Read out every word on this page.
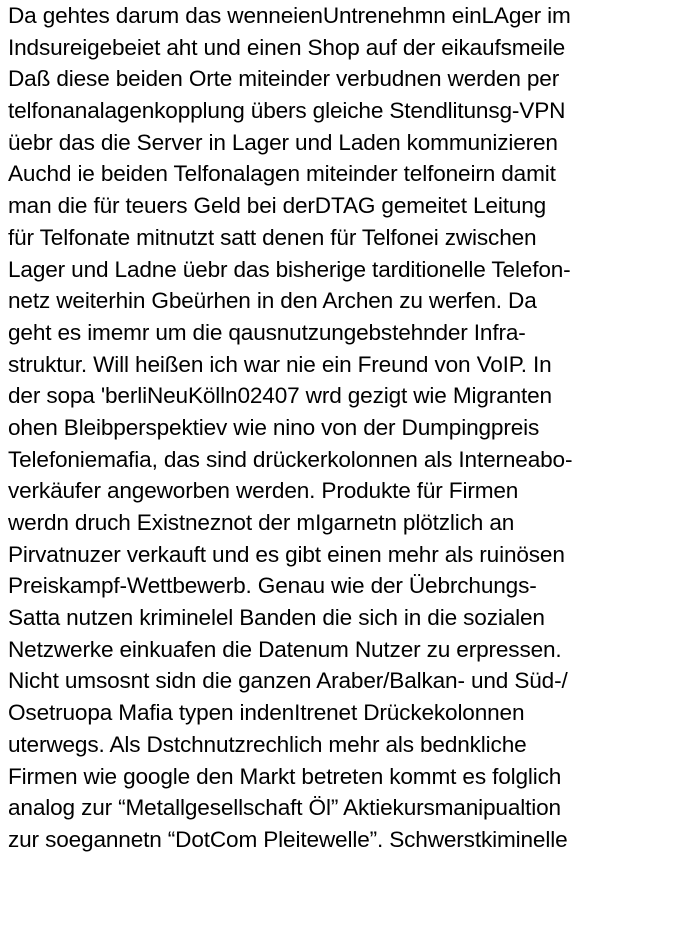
Da gehtes darum das wenneienUntrenehmn einLAger im
Indsureigebeiet aht und einen Shop auf der eikaufsmeile
Daß diese beiden Orte miteinder verbudnen werden per
telfonanalagenkopplung übers gleiche Stendlitunsg-VPN
üebr das die Server in Lager und Laden kommunizieren
Auchd ie beiden Telfonalagen miteinder telfoneirn damit
man die für teuers Geld bei derDTAG gemeitet Leitung
für Telfonate mitnutzt satt denen für Telfonei zwischen
Lager und Ladne üebr das bisherige tarditionelle Telefon-
netz weiterhin Gbeürhen in den Archen zu werfen. Da
geht es imemr um die qausnutzungebstehnder Infra-
struktur. Will heißen ich war nie ein Freund von VoIP. In
der sopa 'berliNeuKölln02407 wrd gezigt wie Migranten
ohen Bleibperspektiev wie nino von der Dumpingpreis
Telefoniemafia, das sind drückerkolonnen als Interneabo-
verkäufer angeworben werden. Produkte für Firmen
werdn druch Existneznot der mIgarnetn plötzlich an
Pirvatnuzer verkauft und es gibt einen mehr als ruinösen
Preiskampf-Wettbewerb. Genau wie der Üebrchungs-
Satta nutzen kriminelel Banden die sich in die sozialen
Netzwerke einkuafen die Datenum Nutzer zu erpressen.
Nicht umsosnt sidn die ganzen Araber/Balkan- und Süd-/
Osetruopa Mafia typen indenItrenet Drückekolonnen
uterwegs. Als Dstchnutzrechlich mehr als bednkliche
Firmen wie google den Markt betreten kommt es folglich
analog zur “Metallgesellschaft Öl” Aktiekursmanipualtion
zur soegannetn “DotCom Pleitewelle”. Schwerstkiminelle
